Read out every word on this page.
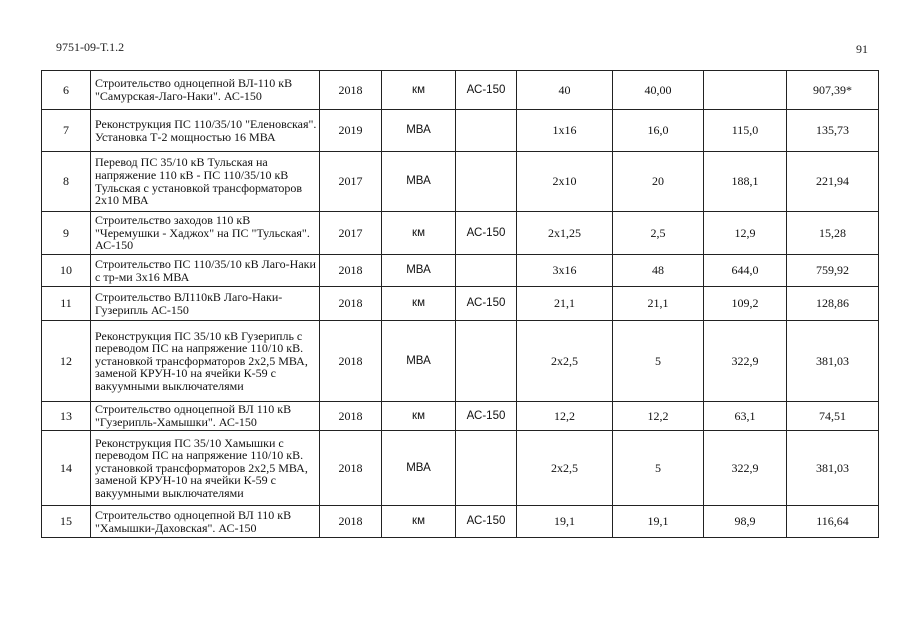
9751-09-Т.1.2	91
6	Строительство одноцепной ВЛ-110 кВ "Самурская-Лаго-Наки". АС-150	2018	км	АС-150	40	40,00		907,39*
7	Реконструкция ПС 110/35/10 "Еленовская". Установка Т-2 мощностью 16 МВА	2019	МВА		1х16	16,0	115,0	135,73
8	Перевод ПС 35/10 кВ Тульская на напряжение 110 кВ - ПС 110/35/10 кВ Тульская с установкой трансформаторов 2х10 МВА	2017	МВА		2х10	20	188,1	221,94
9	Строительство заходов 110 кВ "Черемушки - Хаджох" на ПС "Тульская". АС-150	2017	км	АС-150	2х1,25	2,5	12,9	15,28
10	Строительство ПС 110/35/10 кВ Лаго-Наки с тр-ми 3х16 МВА	2018	МВА		3х16	48	644,0	759,92
11	Строительство ВЛ110кВ Лаго-Наки-Гузерипль АС-150	2018	км	АС-150	21,1	21,1	109,2	128,86
12	Реконструкция ПС 35/10 кВ Гузерипль с переводом ПС на напряжение 110/10 кВ. установкой трансформаторов 2х2,5 МВА, заменой КРУН-10 на ячейки К-59 с вакуумными выключателями	2018	МВА		2х2,5	5	322,9	381,03
13	Строительство одноцепной ВЛ 110 кВ "Гузерипль-Хамышки". АС-150	2018	км	АС-150	12,2	12,2	63,1	74,51
14	Реконструкция ПС 35/10 Хамышки с переводом ПС на напряжение 110/10 кВ. установкой трансформаторов 2х2,5 МВА, заменой КРУН-10 на ячейки К-59 с вакуумными выключателями	2018	МВА		2х2,5	5	322,9	381,03
15	Строительство одноцепной ВЛ 110 кВ "Хамышки-Даховская". АС-150	2018	км	АС-150	19,1	19,1	98,9	116,64
